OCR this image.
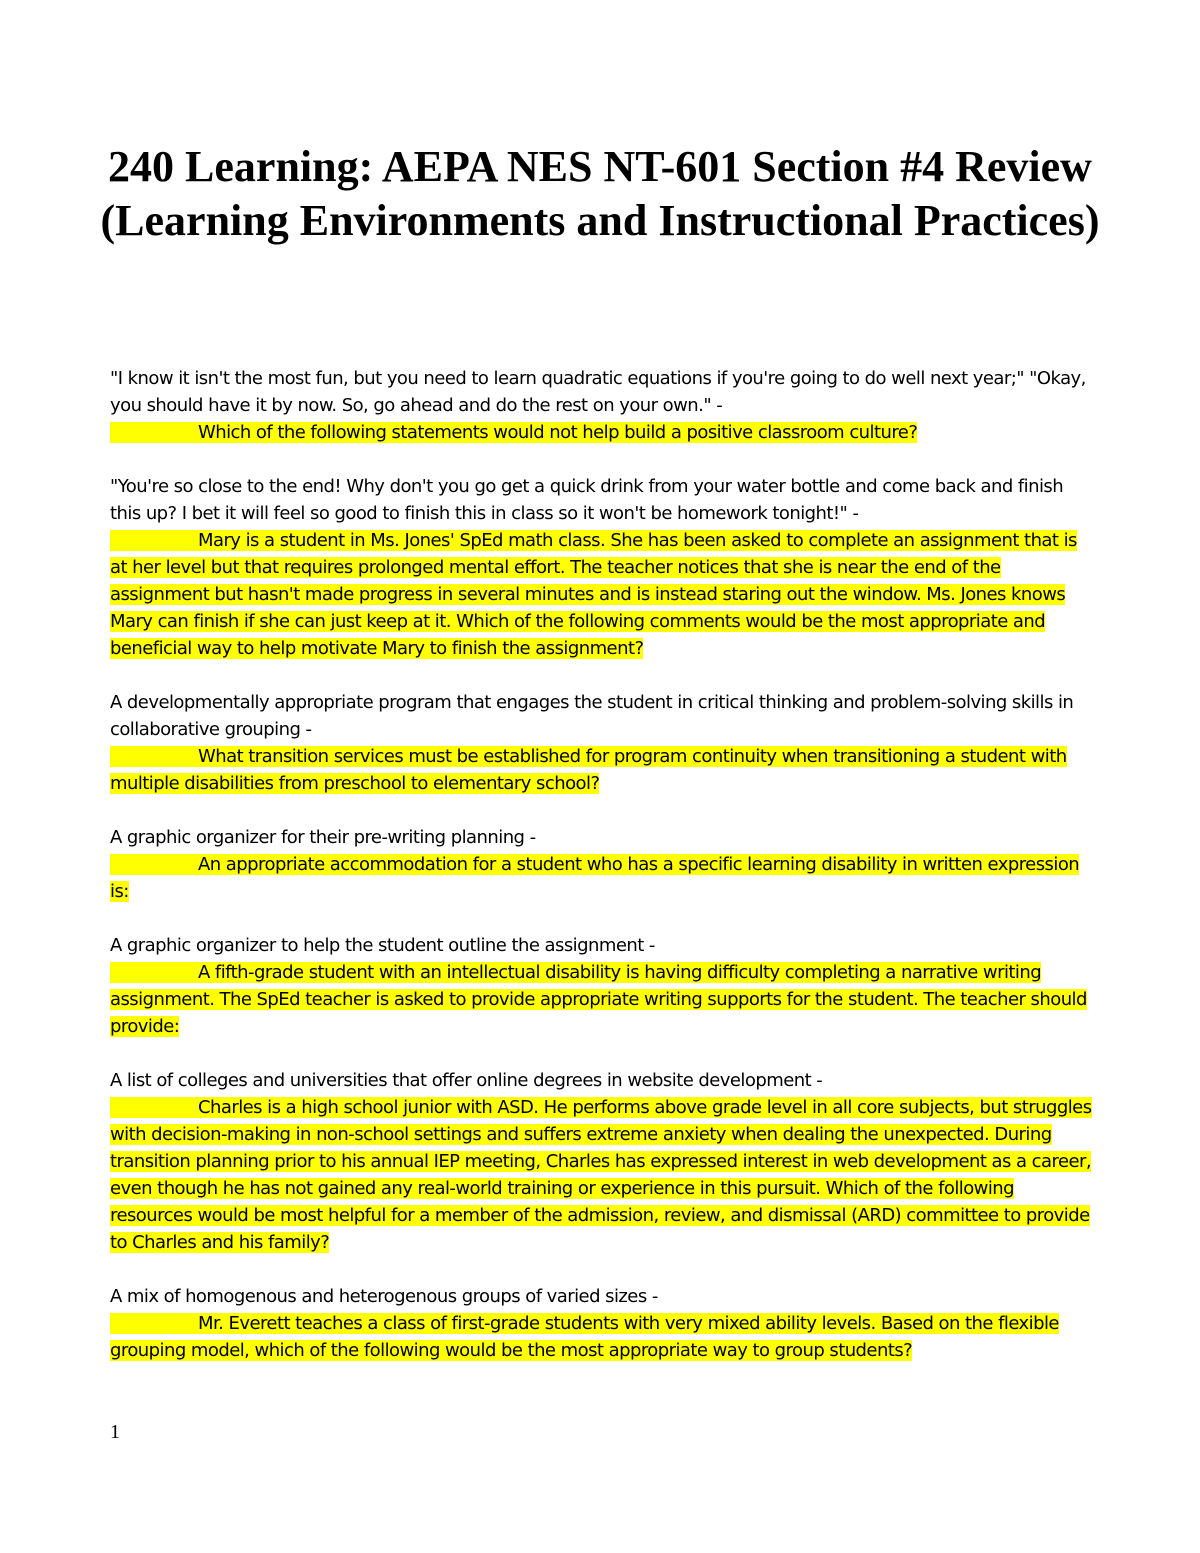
240 Learning: AEPA NES NT-601 Section #4 Review (Learning Environments and Instructional Practices)

"I know it isn't the most fun, but you need to learn quadratic equations if you're going to do well next year;" "Okay, you should have it by now. So, go ahead and do the rest on your own." -

Which of the following statements would not help build a positive classroom culture?

"You're so close to the end! Why don't you go get a quick drink from your water bottle and come back and finish this up? I bet it will feel so good to finish this in class so it won't be homework tonight!" -

Mary is a student in Ms. Jones' SpEd math class. She has been asked to complete an assignment that is at her level but that requires prolonged mental effort. The teacher notices that she is near the end of the assignment but hasn't made progress in several minutes and is instead staring out the window. Ms. Jones knows Mary can finish if she can just keep at it. Which of the following comments would be the most appropriate and beneficial way to help motivate Mary to finish the assignment?

A developmentally appropriate program that engages the student in critical thinking and problem-solving skills in collaborative grouping -

What transition services must be established for program continuity when transitioning a student with multiple disabilities from preschool to elementary school?

A graphic organizer for their pre-writing planning -

An appropriate accommodation for a student who has a specific learning disability in written expression is:

A graphic organizer to help the student outline the assignment -

A fifth-grade student with an intellectual disability is having difficulty completing a narrative writing assignment. The SpEd teacher is asked to provide appropriate writing supports for the student. The teacher should provide:

A list of colleges and universities that offer online degrees in website development -

Charles is a high school junior with ASD. He performs above grade level in all core subjects, but struggles with decision-making in non-school settings and suffers extreme anxiety when dealing the unexpected. During transition planning prior to his annual IEP meeting, Charles has expressed interest in web development as a career, even though he has not gained any real-world training or experience in this pursuit. Which of the following resources would be most helpful for a member of the admission, review, and dismissal (ARD) committee to provide to Charles and his family?

A mix of homogenous and heterogenous groups of varied sizes -

Mr. Everett teaches a class of first-grade students with very mixed ability levels. Based on the flexible grouping model, which of the following would be the most appropriate way to group students?

1
